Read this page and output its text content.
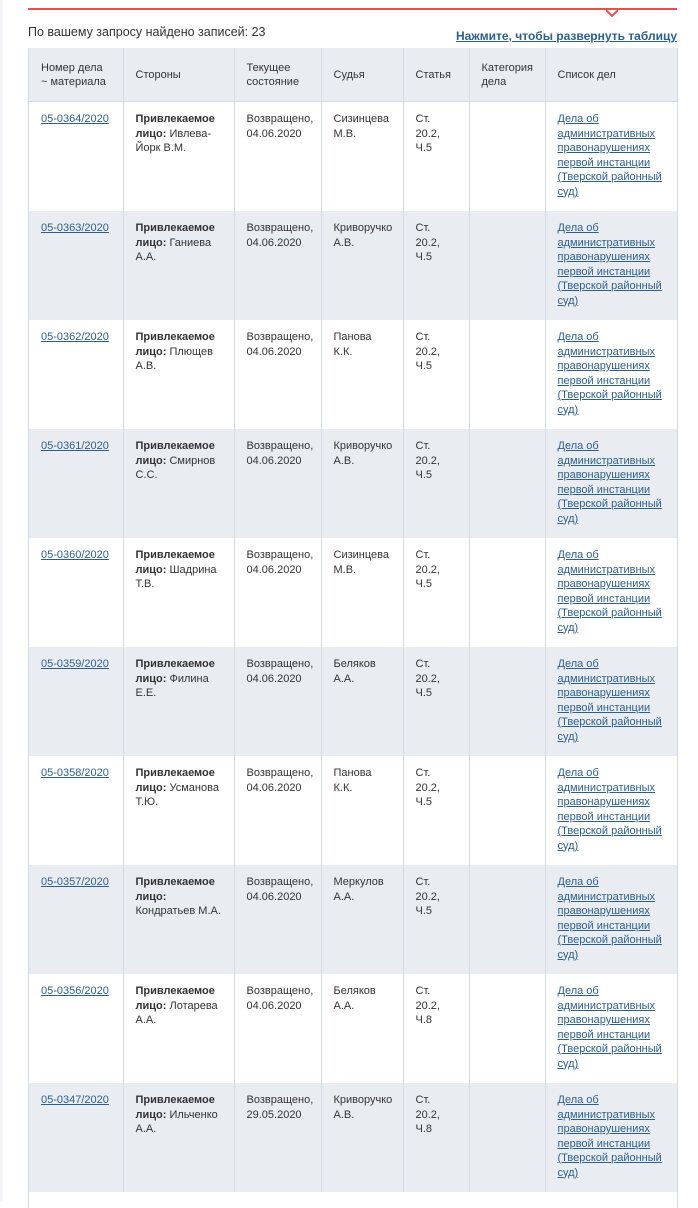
По вашему запросу найдено записей: 23	Нажмите, чтобы развернуть таблицу
Номер дела ~ материала	Стороны	Текущее состояние	Судья	Статья	Категория дела	Список дел
05-0364/2020	Привлекаемое лицо: Ивлева-Йорк В.М.	Возвращено, 04.06.2020	Сизинцева М.В.	Ст. 20.2, Ч.5		Дела об административных правонарушениях первой инстанции (Тверской районный суд)
05-0363/2020	Привлекаемое лицо: Ганиева А.А.	Возвращено, 04.06.2020	Криворучко А.В.	Ст. 20.2, Ч.5		Дела об административных правонарушениях первой инстанции (Тверской районный суд)
05-0362/2020	Привлекаемое лицо: Плющев А.В.	Возвращено, 04.06.2020	Панова К.К.	Ст. 20.2, Ч.5		Дела об административных правонарушениях первой инстанции (Тверской районный суд)
05-0361/2020	Привлекаемое лицо: Смирнов С.С.	Возвращено, 04.06.2020	Криворучко А.В.	Ст. 20.2, Ч.5		Дела об административных правонарушениях первой инстанции (Тверской районный суд)
05-0360/2020	Привлекаемое лицо: Шадрина Т.В.	Возвращено, 04.06.2020	Сизинцева М.В.	Ст. 20.2, Ч.5		Дела об административных правонарушениях первой инстанции (Тверской районный суд)
05-0359/2020	Привлекаемое лицо: Филина Е.Е.	Возвращено, 04.06.2020	Беляков А.А.	Ст. 20.2, Ч.5		Дела об административных правонарушениях первой инстанции (Тверской районный суд)
05-0358/2020	Привлекаемое лицо: Усманова Т.Ю.	Возвращено, 04.06.2020	Панова К.К.	Ст. 20.2, Ч.5		Дела об административных правонарушениях первой инстанции (Тверской районный суд)
05-0357/2020	Привлекаемое лицо: Кондратьев М.А.	Возвращено, 04.06.2020	Меркулов А.А.	Ст. 20.2, Ч.5		Дела об административных правонарушениях первой инстанции (Тверской районный суд)
05-0356/2020	Привлекаемое лицо: Лотарева А.А.	Возвращено, 04.06.2020	Беляков А.А.	Ст. 20.2, Ч.8		Дела об административных правонарушениях первой инстанции (Тверской районный суд)
05-0347/2020	Привлекаемое лицо: Ильченко А.А.	Возвращено, 29.05.2020	Криворучко А.В.	Ст. 20.2, Ч.8		Дела об административных правонарушениях первой инстанции (Тверской районный суд)
